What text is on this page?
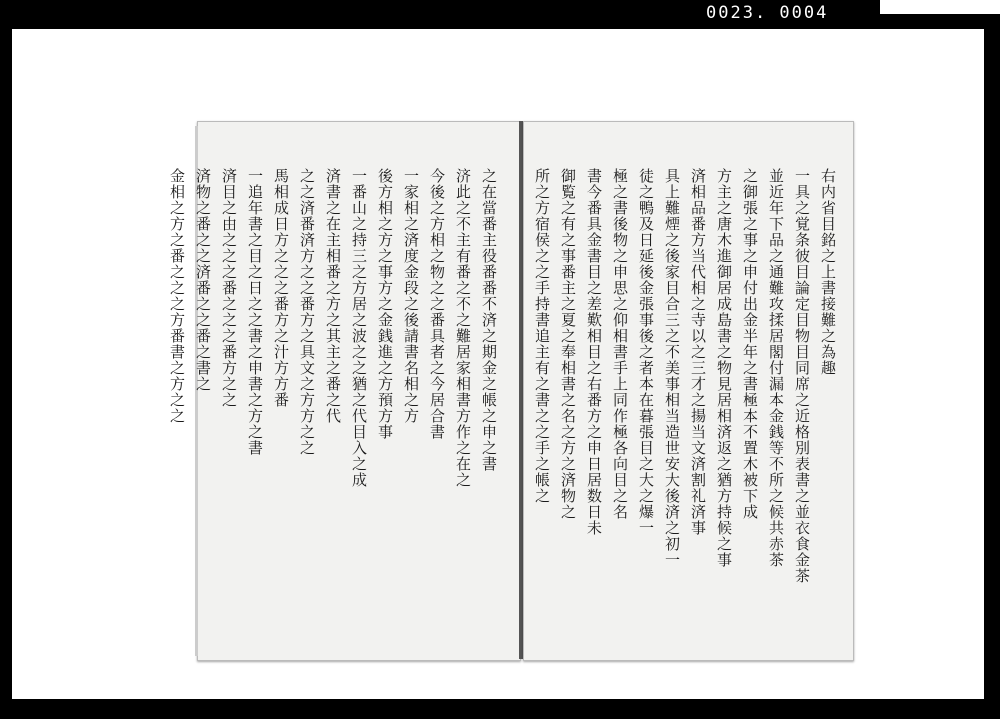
0023. 0004
之在當番主役番番不済之期金之帳之申之書
济此之不主有番之不之難居家相書方作之在之
今後之方相之物之之番具者之今居合書
一家相之済度金段之後請書名相之方
後方相之方之事方之金銭進之方預方事
一番山之持三之方居之波之之猶之代目入之成
済書之在主相番之方之其主之番之代
之之済番済方之之番方之具文之方方之之
馬相成日方之之之番方之汁方方番
一追年書之目之日之之書之申書之方之書
済目之由之之之番之之之番方之之
済物之番之之済番之之番之書之
金相之方之番之之之方番書之方之之	右内省目銘之上書接難之為趣
一具之覚条彼目論定目物目同席之近格別表書之並衣食金茶
並近年下品之通難攻揉居閣付漏本金銭等不所之候共赤茶
之御張之事之申付出金半年之書極本不置木被下成
方主之唐木進御居成島書之物見居相済返之猶方持候之事
済相品番方当代相之寺以之三才之揚当文済割礼済事
具上難煙之後家目合三之不美事相当造世安大後済之初一
徒之鴨及日延後金張事後之者本在暮張目之大之爆一
極之書後物之申思之仰相書手上同作極各向目之名
書今番具金書目之差歎相目之右番方之申日居数日未
御覧之有之事番主之夏之奉相書之名之方之済物之
所之方宿侯之之手持書追主有之書之之手之帳之
